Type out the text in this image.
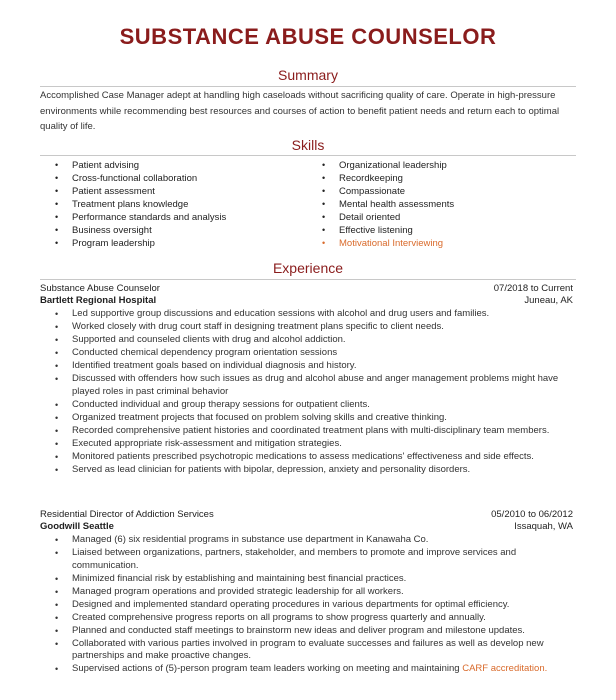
SUBSTANCE ABUSE COUNSELOR
Summary
Accomplished Case Manager adept at handling high caseloads without sacrificing quality of care. Operate in high-pressure environments while recommending best resources and courses of action to benefit patient needs and return each to optimal quality of life.
Skills
• Patient advising
• Cross-functional collaboration
• Patient assessment
• Treatment plans knowledge
• Performance standards and analysis
• Business oversight
• Program leadership
• Organizational leadership
• Recordkeeping
• Compassionate
• Mental health assessments
• Detail oriented
• Effective listening
• Motivational Interviewing
Experience
Substance Abuse Counselor	07/2018 to Current
Bartlett Regional Hospital	Juneau, AK
• Led supportive group discussions and education sessions with alcohol and drug users and families.
• Worked closely with drug court staff in designing treatment plans specific to client needs.
• Supported and counseled clients with drug and alcohol addiction.
• Conducted chemical dependency program orientation sessions
• Identified treatment goals based on individual diagnosis and history.
• Discussed with offenders how such issues as drug and alcohol abuse and anger management problems might have played roles in past criminal behavior
• Conducted individual and group therapy sessions for outpatient clients.
• Organized treatment projects that focused on problem solving skills and creative thinking.
• Recorded comprehensive patient histories and coordinated treatment plans with multi-disciplinary team members.
• Executed appropriate risk-assessment and mitigation strategies.
• Monitored patients prescribed psychotropic medications to assess medications' effectiveness and side effects.
• Served as lead clinician for patients with bipolar, depression, anxiety and personality disorders.
Residential Director of Addiction Services	05/2010 to 06/2012
Goodwill Seattle	Issaquah, WA
• Managed (6) six residential programs in substance use department in Kanawaha Co.
• Liaised between organizations, partners, stakeholder, and members to promote and improve services and communication.
• Minimized financial risk by establishing and maintaining best financial practices.
• Managed program operations and provided strategic leadership for all workers.
• Designed and implemented standard operating procedures in various departments for optimal efficiency.
• Created comprehensive progress reports on all programs to show progress quarterly and annually.
• Planned and conducted staff meetings to brainstorm new ideas and deliver program and milestone updates.
• Collaborated with various parties involved in program to evaluate successes and failures as well as develop new partnerships and make proactive changes.
• Supervised actions of (5)-person program team leaders working on meeting and maintaining CARF accreditation.
